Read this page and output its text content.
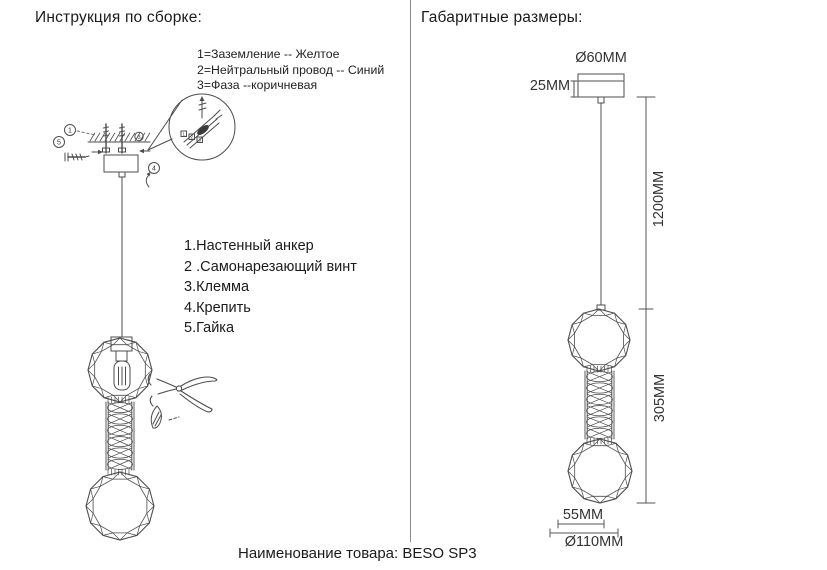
Инструкция по сборке:	Габаритные размеры:
1=Заземление -- Желтое
2=Нейтральный провод -- Синий
3=Фаза --коричневая
1.Настенный анкер
2 .Самонарезающий винт
3.Клемма
4.Крепить
5.Гайка
1
3
1
2
3
5
4
Ø60MM
25MM
1200MM
305MM
55MM
Ø110MM
Наименование товара: BESO SP3
